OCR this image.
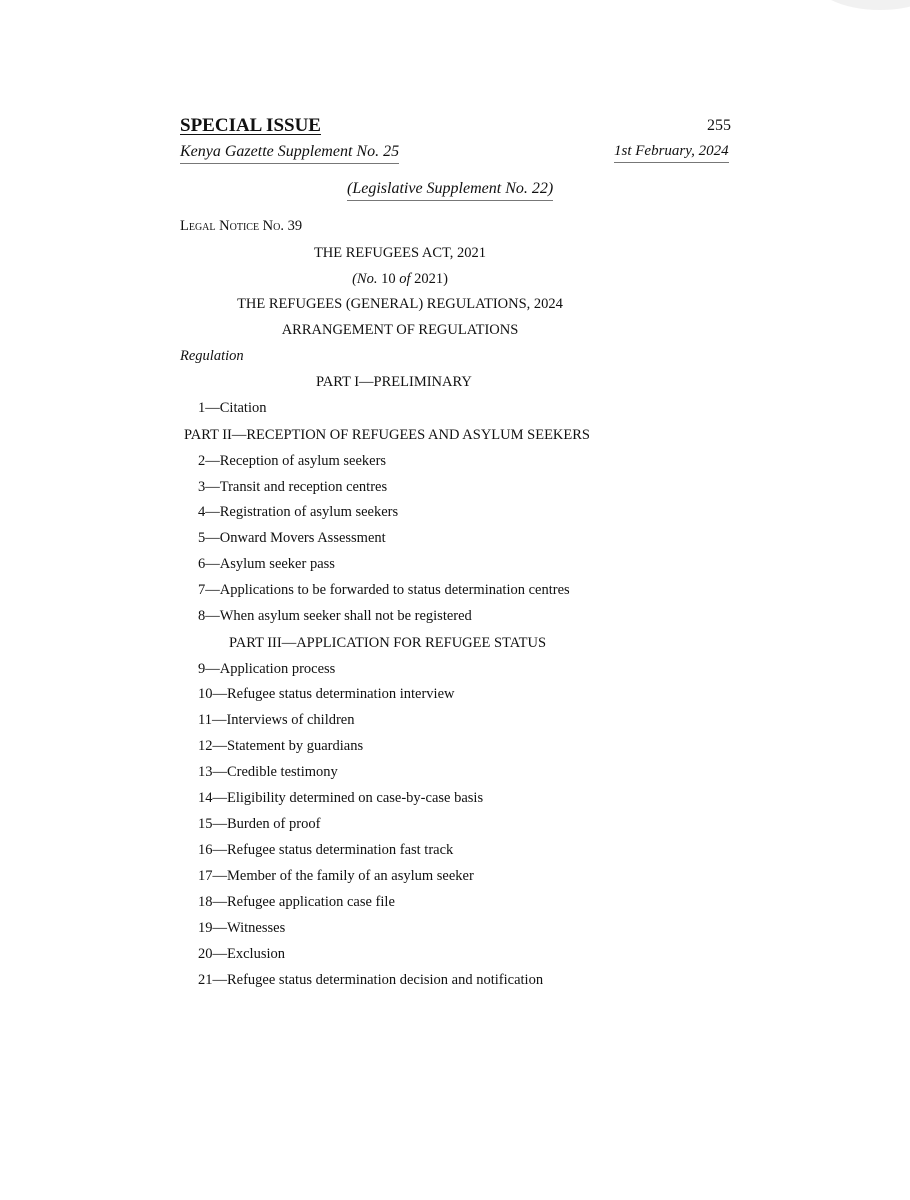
SPECIAL ISSUE	255
Kenya Gazette Supplement No. 25	1st February, 2024
(Legislative Supplement No. 22)
Legal Notice No. 39
THE REFUGEES ACT, 2021
(No. 10 of 2021)
THE REFUGEES (GENERAL) REGULATIONS, 2024
ARRANGEMENT OF REGULATIONS
Regulation
PART I—PRELIMINARY
1—Citation
PART II—RECEPTION OF REFUGEES AND ASYLUM SEEKERS
2—Reception of asylum seekers
3—Transit and reception centres
4—Registration of asylum seekers
5—Onward Movers Assessment
6—Asylum seeker pass
7—Applications to be forwarded to status determination centres
8—When asylum seeker shall not be registered
PART III—APPLICATION FOR REFUGEE STATUS
9—Application process
10—Refugee status determination interview
11—Interviews of children
12—Statement by guardians
13—Credible testimony
14—Eligibility determined on case-by-case basis
15—Burden of proof
16—Refugee status determination fast track
17—Member of the family of an asylum seeker
18—Refugee application case file
19—Witnesses
20—Exclusion
21—Refugee status determination decision and notification
